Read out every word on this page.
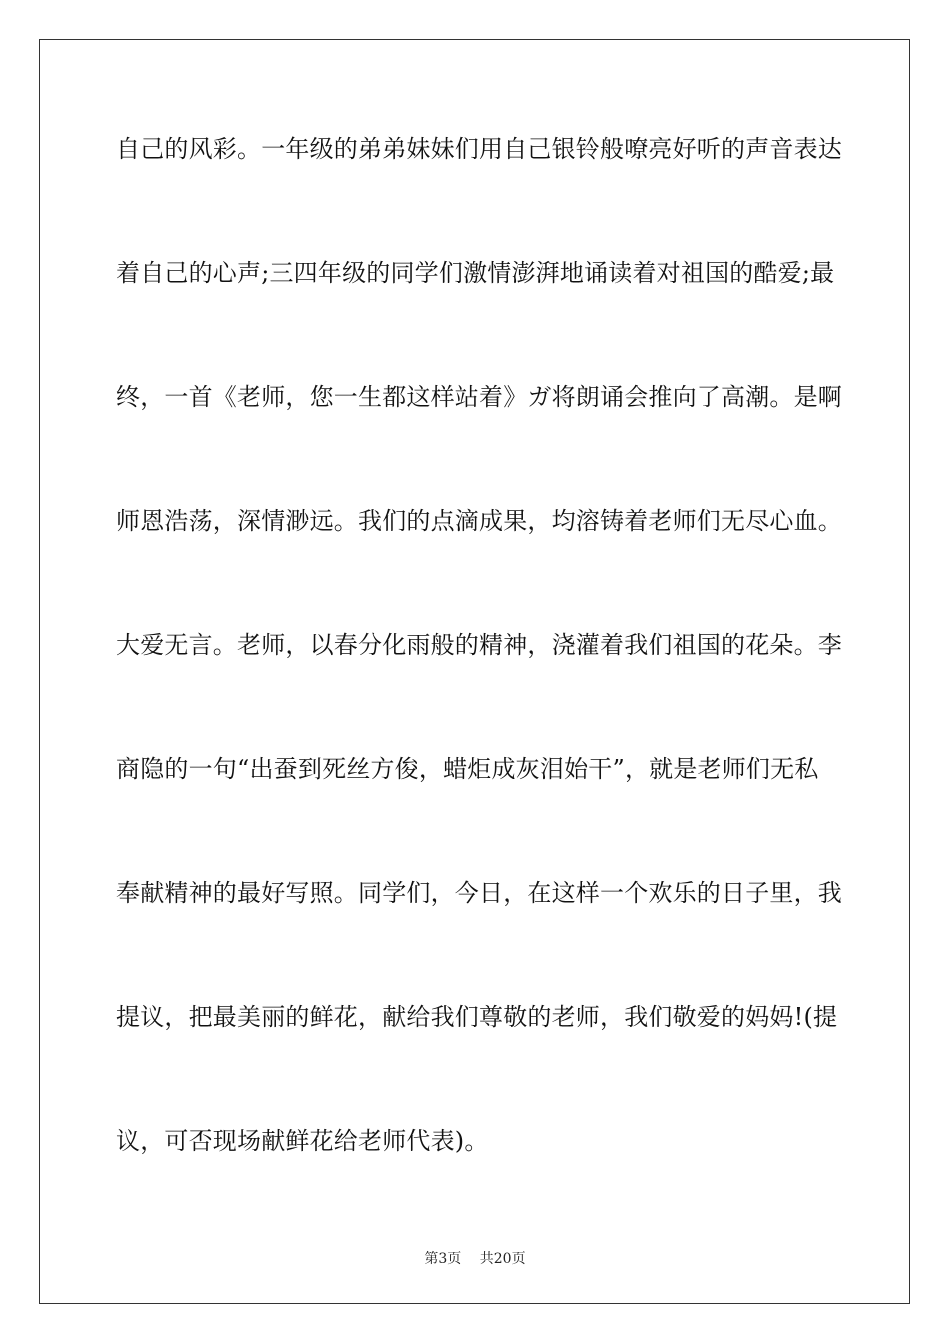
自己的风彩。一年级的弟弟妹妹们用自己银铃般嘹亮好听的声音表达
着自己的心声;三四年级的同学们激情澎湃地诵读着对祖国的酷爱;最
终，一首《老师，您一生都这样站着》ガ将朗诵会推向了高潮。是啊
师恩浩荡，深情渺远。我们的点滴成果，均溶铸着老师们无尽心血。
大爱无言。老师，以春分化雨般的精神，浇灌着我们祖国的花朵。李
商隐的一句“出蚕到死丝方俊，蜡炬成灰泪始干”，就是老师们无私
奉献精神的最好写照。同学们，今日，在这样一个欢乐的日子里，我
提议，把最美丽的鲜花，献给我们尊敬的老师，我们敬爱的妈妈!(提
议，可否现场献鲜花给老师代表)。
第3页 共20页
